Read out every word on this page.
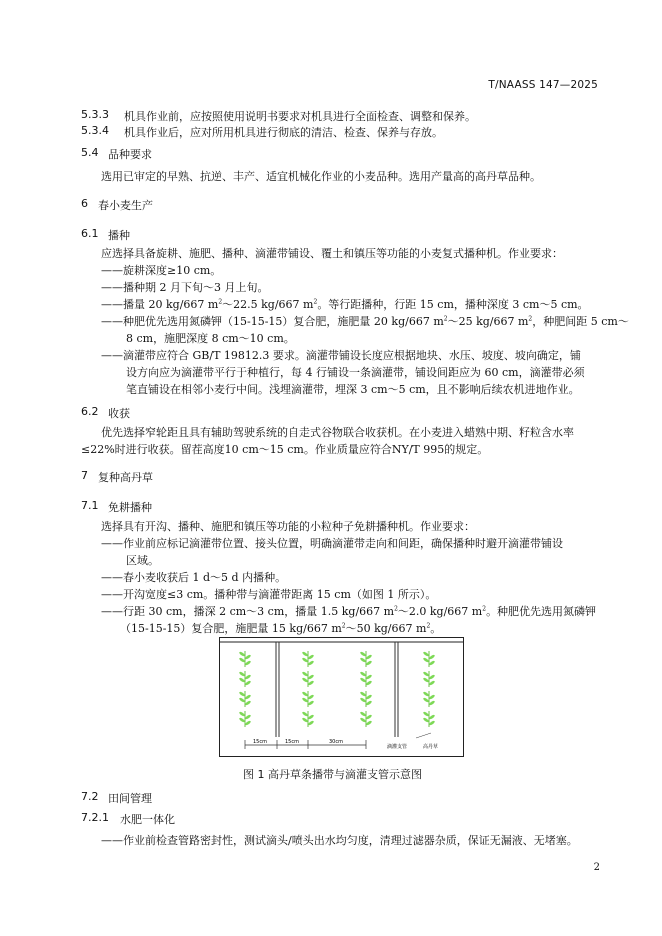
T/NAASS 147—2025
5.3.3 机具作业前，应按照使用说明书要求对机具进行全面检查、调整和保养。
5.3.4 机具作业后，应对所用机具进行彻底的清洁、检查、保养与存放。
5.4 品种要求
选用已审定的早熟、抗逆、丰产、适宜机械化作业的小麦品种。选用产量高的高丹草品种。
6 春小麦生产
6.1 播种
应选择具备旋耕、施肥、播种、滴灌带铺设、覆土和镇压等功能的小麦复式播种机。作业要求：
——旋耕深度≥10 cm。
——播种期 2 月下旬～3 月上旬。
——播量 20 kg/667 $m^2\sim 22.5$ kg/667 $m^2$。等行距播种，行距 15 cm，播种深度 3 cm～5 cm。
——种肥优先选用氮磷钾（15-15-15）复合肥，施肥量 20 kg/667 $m^2\sim 25$ kg/667 $m^2$，种肥间距 5 cm～
8 cm，施肥深度 8 cm～10 cm。
——滴灌带应符合 GB/T 19812.3 要求。滴灌带铺设长度应根据地块、水压、坡度、坡向确定，铺
设方向应为滴灌带平行于种植行，每 4 行铺设一条滴灌带，铺设间距应为 60 cm，滴灌带必须
笔直铺设在相邻小麦行中间。浅埋滴灌带，埋深 3 cm～5 cm，且不影响后续农机进地作业。
6.2 收获
优先选择窄轮距且具有辅助驾驶系统的自走式谷物联合收获机。在小麦进入蜡熟中期、籽粒含水率
≤22%时进行收获。留茬高度10 cm～15 cm。作业质量应符合NY/T 995的规定。
7 复种高丹草
7.1 免耕播种
选择具有开沟、播种、施肥和镇压等功能的小粒种子免耕播种机。作业要求：
——作业前应标记滴灌带位置、接头位置，明确滴灌带走向和间距，确保播种时避开滴灌带铺设
区域。
——春小麦收获后 1 d～5 d 内播种。
——开沟宽度≤3 cm。播种带与滴灌带距离 15 cm（如图 1 所示）。
——行距 30 cm，播深 2 cm～3 cm，播量 1.5 kg/667 $m^2\sim 2.0$ kg/667 $m^2$。种肥优先选用氮磷钾
（15-15-15）复合肥，施肥量 15 kg/667 $m^2\sim 50$ kg/667 $m^2$。
15cm	15cm	30cm
滴灌支管	高丹草
图 1 高丹草条播带与滴灌支管示意图
7.2 田间管理
7.2.1 水肥一体化
——作业前检查管路密封性，测试滴头/喷头出水均匀度，清理过滤器杂质，保证无漏液、无堵塞。
2
